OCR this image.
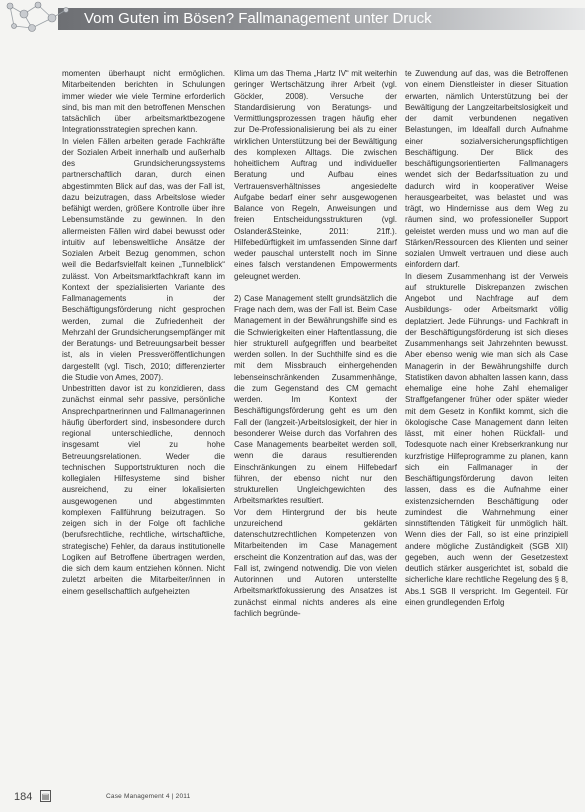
Vom Guten im Bösen? Fallmanagement unter Druck

momenten überhaupt nicht ermöglichen. Mitarbeitenden berichten in Schulungen immer wieder wie viele Termine erforderlich sind, bis man mit den betroffenen Menschen tatsächlich über arbeitsmarktbezogene Integrationsstrategien sprechen kann.

In vielen Fällen arbeiten gerade Fachkräfte der Sozialen Arbeit innerhalb und außerhalb des Grundsicherungssystems partnerschaftlich daran, durch einen abgestimmten Blick auf das, was der Fall ist, dazu beizutragen, dass Arbeitslose wieder befähigt werden, größere Kontrolle über ihre Lebensumstände zu gewinnen. In den allermeisten Fällen wird dabei bewusst oder intuitiv auf lebensweltliche Ansätze der Sozialen Arbeit Bezug genommen, schon weil die Bedarfsvielfalt keinen „Tunnelblick“ zulässt. Von Arbeitsmarktfachkraft kann im Kontext der spezialisierten Variante des Fallmanagements in der Beschäftigungsförderung nicht gesprochen werden, zumal die Zufriedenheit der Mehrzahl der Grundsicherungsempfänger mit der Beratungs- und Betreuungsarbeit besser ist, als in vielen Pressveröffentlichungen dargestellt (vgl. Tisch, 2010; differenzierter die Studie von Ames, 2007).

Unbestritten davor ist zu konzidieren, dass zunächst einmal sehr passive, persönliche Ansprechpartnerinnen und Fallmanagerinnen häufig überfordert sind, insbesondere durch regional unterschiedliche, dennoch insgesamt viel zu hohe Betreuungsrelationen. Weder die technischen Supportstrukturen noch die kollegialen Hilfesysteme sind bisher ausreichend, zu einer lokalisierten ausgewogenen und abgestimmten komplexen Fallführung beizutragen. So zeigen sich in der Folge oft fachliche (berufsrechtliche, rechtliche, wirtschaftliche, strategische) Fehler, da daraus institutionelle Logiken auf Betroffene übertragen werden, die sich dem kaum entziehen können. Nicht zuletzt arbeiten die Mitarbeiter/innen in einem gesellschaftlich aufgeheizten

Klima um das Thema „Hartz IV“ mit weiterhin geringer Wertschätzung ihrer Arbeit (vgl. Göckler, 2008). Versuche der Standardisierung von Beratungs- und Vermittlungsprozessen tragen häufig eher zur De-Professionalisierung bei als zu einer wirklichen Unterstützung bei der Bewältigung des komplexen Alltags. Die zwischen hoheitlichem Auftrag und individueller Beratung und Aufbau eines Vertrauensverhältnisses angesiedelte Aufgabe bedarf einer sehr ausgewogenen Balance von Regeln, Anweisungen und freien Entscheidungsstrukturen (vgl. Oslander&Steinke, 2011: 21ff.). Hilfebedürftigkeit im umfassenden Sinne darf weder pauschal unterstellt noch im Sinne eines falsch verstandenen Empowerments geleugnet werden.

2) Case Management stellt grundsätzlich die Frage nach dem, was der Fall ist. Beim Case Management in der Bewährungshilfe sind es die Schwierigkeiten einer Haftentlassung, die hier strukturell aufgegriffen und bearbeitet werden sollen. In der Suchthilfe sind es die mit dem Missbrauch einhergehenden lebenseinschränkenden Zusammenhänge, die zum Gegenstand des CM gemacht werden. Im Kontext der Beschäftigungsförderung geht es um den Fall der (langzeit-)Arbeitslosigkeit, der hier in besonderer Weise durch das Vorfahren des Case Managements bearbeitet werden soll, wenn die daraus resultierenden Einschränkungen zu einem Hilfebedarf führen, der ebenso nicht nur den strukturellen Ungleichgewichten des Arbeitsmarktes resultiert.

Vor dem Hintergrund der bis heute unzureichend geklärten datenschutzrechtlichen Kompetenzen von Mitarbeitenden im Case Management erscheint die Konzentration auf das, was der Fall ist, zwingend notwendig. Die von vielen Autorinnen und Autoren unterstellte Arbeitsmarktfokussierung des Ansatzes ist zunächst einmal nichts anderes als eine fachlich begründe-

te Zuwendung auf das, was die Betroffenen von einem Dienstleister in dieser Situation erwarten, nämlich Unterstützung bei der Bewältigung der Langzeitarbeitslosigkeit und der damit verbundenen negativen Belastungen, im Idealfall durch Aufnahme einer sozialversicherungspflichtigen Beschäftigung. Der Blick des beschäftigungsorientierten Fallmanagers wendet sich der Bedarfssituation zu und dadurch wird in kooperativer Weise herausgearbeitet, was belastet und was trägt, wo Hindernisse aus dem Weg zu räumen sind, wo professioneller Support geleistet werden muss und wo man auf die Stärken/Ressourcen des Klienten und seiner sozialen Umwelt vertrauen und diese auch einfordern darf.

In diesem Zusammenhang ist der Verweis auf strukturelle Diskrepanzen zwischen Angebot und Nachfrage auf dem Ausbildungs- oder Arbeitsmarkt völlig deplatziert. Jede Führungs- und Fachkraft in der Beschäftigungsförderung ist sich dieses Zusammenhangs seit Jahrzehnten bewusst. Aber ebenso wenig wie man sich als Case Managerin in der Bewährungshilfe durch Statistiken davon abhalten lassen kann, dass ehemalige eine hohe Zahl ehemaliger Straffgefangener früher oder später wieder mit dem Gesetz in Konflikt kommt, sich die ökologische Case Management dann leiten lässt, mit einer hohen Rückfall- und Todesquote nach einer Krebserkrankung nur kurzfristige Hilfeprogramme zu planen, kann sich ein Fallmanager in der Beschäftigungsförderung davon leiten lassen, dass es die Aufnahme einer existenzsichernden Beschäftigung oder zumindest die Wahrnehmung einer sinnstiftenden Tätigkeit für unmöglich hält. Wenn dies der Fall, so ist eine prinzipiell andere mögliche Zuständigkeit (SGB XII) gegeben, auch wenn der Gesetzestext deutlich stärker ausgerichtet ist, sobald die sicherliche klare rechtliche Regelung des § 8, Abs.1 SGB II verspricht. Im Gegenteil. Für einen grundlegenden Erfolg

184 ▤	Case Management 4 | 2011
